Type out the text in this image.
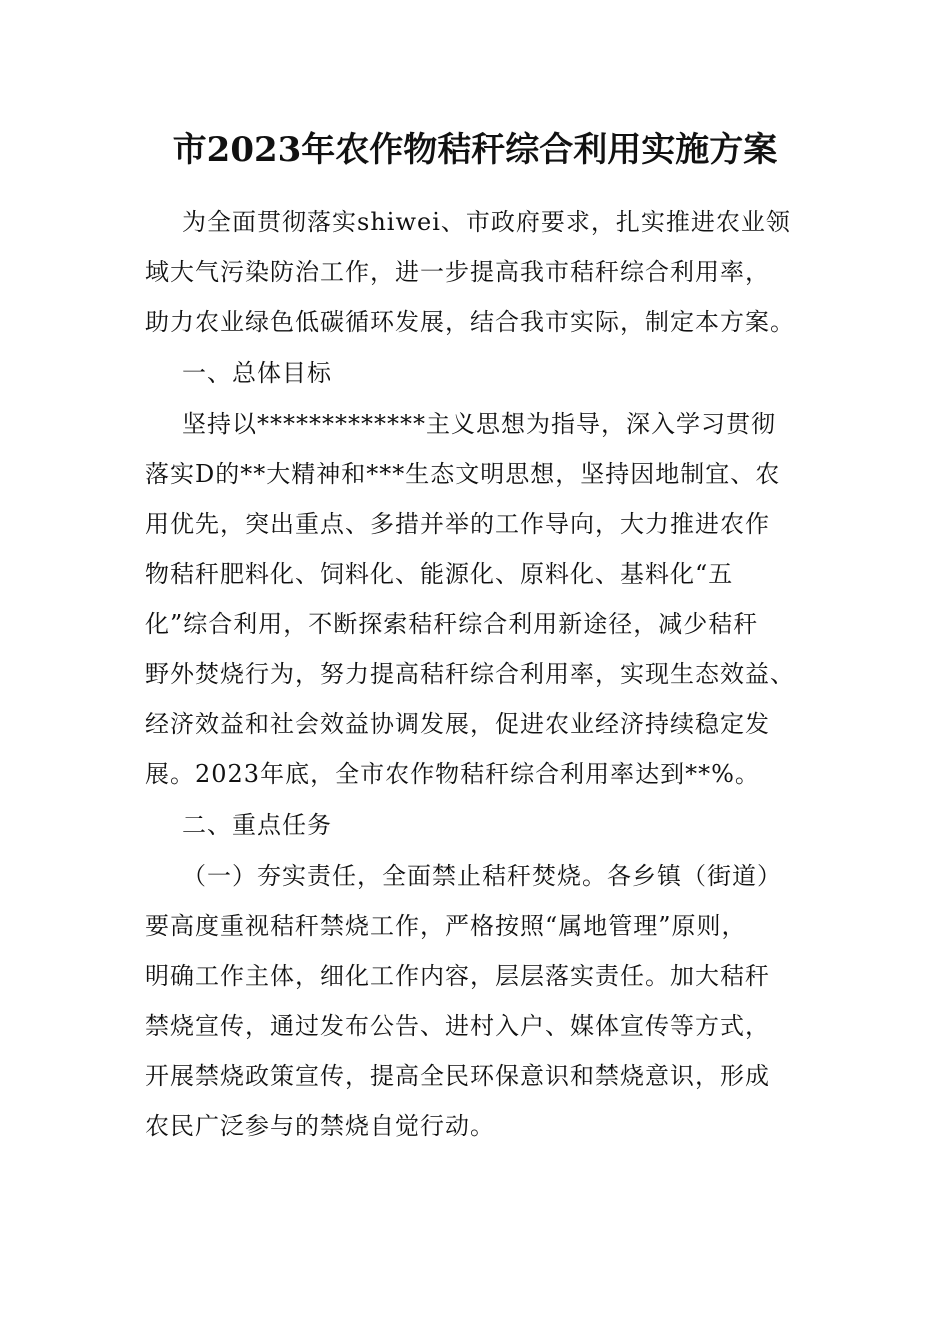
市2023年农作物秸秆综合利用实施方案
为全面贯彻落实shiwei、市政府要求，扎实推进农业领
域大气污染防治工作，进一步提高我市秸秆综合利用率，
助力农业绿色低碳循环发展，结合我市实际，制定本方案。
一、总体目标
坚持以*************主义思想为指导，深入学习贯彻
落实D的**大精神和***生态文明思想，坚持因地制宜、农
用优先，突出重点、多措并举的工作导向，大力推进农作
物秸秆肥料化、饲料化、能源化、原料化、基料化“五
化”综合利用，不断探索秸秆综合利用新途径，减少秸秆
野外焚烧行为，努力提高秸秆综合利用率，实现生态效益、
经济效益和社会效益协调发展，促进农业经济持续稳定发
展。2023年底，全市农作物秸秆综合利用率达到**%。
二、重点任务
（一）夯实责任，全面禁止秸秆焚烧。各乡镇（街道）
要高度重视秸秆禁烧工作，严格按照“属地管理”原则，
明确工作主体，细化工作内容，层层落实责任。加大秸秆
禁烧宣传，通过发布公告、进村入户、媒体宣传等方式，
开展禁烧政策宣传，提高全民环保意识和禁烧意识，形成
农民广泛参与的禁烧自觉行动。
